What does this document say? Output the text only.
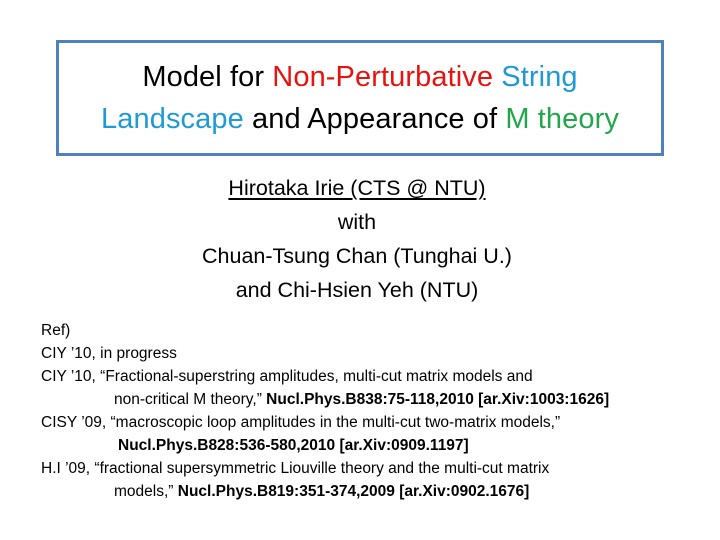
Model for Non-Perturbative String
Landscape and Appearance of M theory
Hirotaka Irie (CTS @ NTU)
with
Chuan-Tsung Chan (Tunghai U.)
and Chi-Hsien Yeh (NTU)
Ref)
CIY ’10, in progress
CIY ’10, “Fractional-superstring amplitudes, multi-cut matrix models and
non-critical M theory,” Nucl.Phys.B838:75-118,2010 [ar.Xiv:1003:1626]
CISY ’09, “macroscopic loop amplitudes in the multi-cut two-matrix models,”
Nucl.Phys.B828:536-580,2010 [ar.Xiv:0909.1197]
H.I ’09, “fractional supersymmetric Liouville theory and the multi-cut matrix
models,” Nucl.Phys.B819:351-374,2009 [ar.Xiv:0902.1676]
